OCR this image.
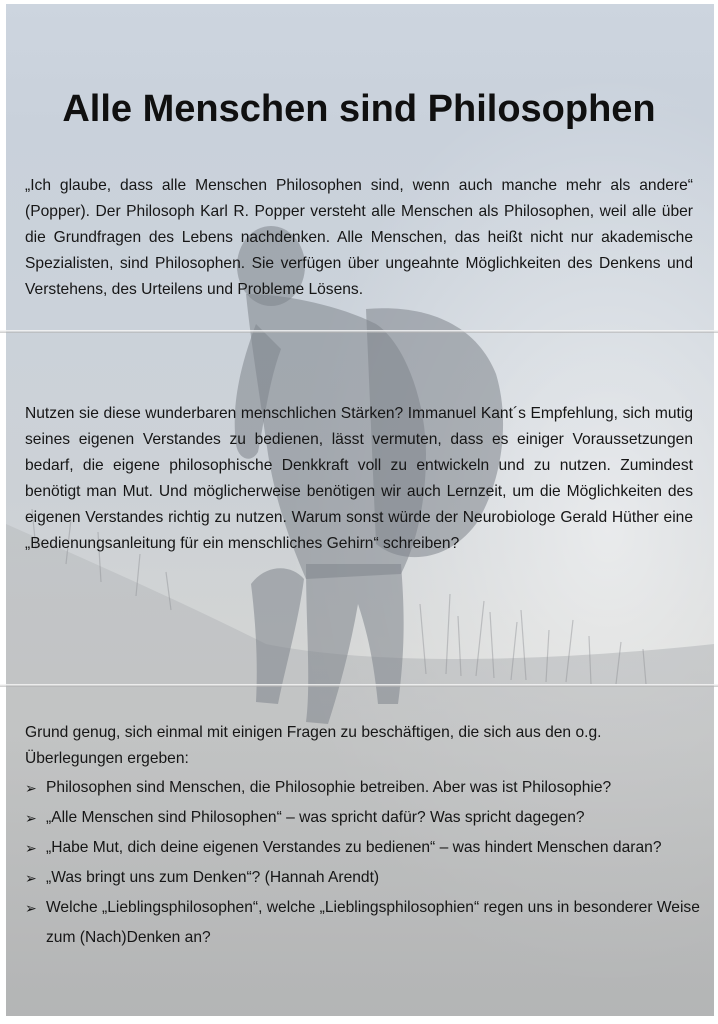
Alle Menschen sind Philosophen

„Ich glaube, dass alle Menschen Philosophen sind, wenn auch manche mehr als andere“ (Popper). Der Philosoph Karl R. Popper versteht alle Menschen als Philosophen, weil alle über die Grundfragen des Lebens nachdenken. Alle Menschen, das heißt nicht nur akademische Spezialisten, sind Philosophen. Sie verfügen über ungeahnte Möglichkeiten des Denkens und Verstehens, des Urteilens und Probleme Lösens.

Nutzen sie diese wunderbaren menschlichen Stärken? Immanuel Kant´s Empfehlung, sich mutig seines eigenen Verstandes zu bedienen, lässt vermuten, dass es einiger Voraussetzungen bedarf, die eigene philosophische Denkkraft voll zu entwickeln und zu nutzen. Zumindest benötigt man Mut. Und möglicherweise benötigen wir auch Lernzeit, um die Möglichkeiten des eigenen Verstandes richtig zu nutzen. Warum sonst würde der Neurobiologe Gerald Hüther eine „Bedienungsanleitung für ein menschliches Gehirn“ schreiben?

Grund genug, sich einmal mit einigen Fragen zu beschäftigen, die sich aus den o.g. Überlegungen ergeben:

➢ Philosophen sind Menschen, die Philosophie betreiben. Aber was ist Philosophie?
➢ „Alle Menschen sind Philosophen“ – was spricht dafür? Was spricht dagegen?
➢ „Habe Mut, dich deine eigenen Verstandes zu bedienen“ – was hindert Menschen daran?
➢ „Was bringt uns zum Denken“? (Hannah Arendt)
➢ Welche „Lieblingsphilosophen“, welche „Lieblingsphilosophien“ regen uns in besonderer Weise zum (Nach)Denken an?
